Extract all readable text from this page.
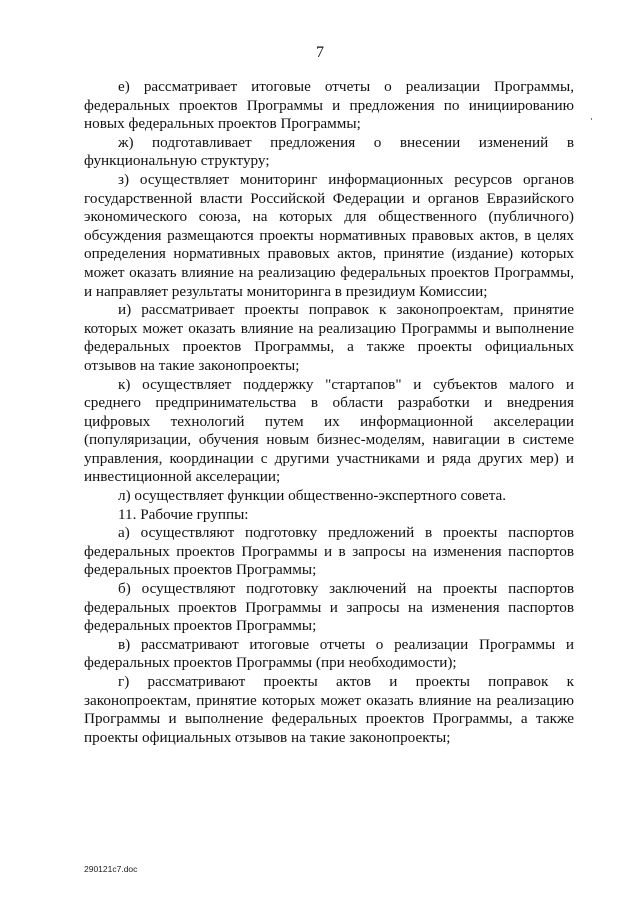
7

е) рассматривает итоговые отчеты о реализации Программы, федеральных проектов Программы и предложения по инициированию новых федеральных проектов Программы;

ж) подготавливает предложения о внесении изменений в функциональную структуру;

з) осуществляет мониторинг информационных ресурсов органов государственной власти Российской Федерации и органов Евразийского экономического союза, на которых для общественного (публичного) обсуждения размещаются проекты нормативных правовых актов, в целях определения нормативных правовых актов, принятие (издание) которых может оказать влияние на реализацию федеральных проектов Программы, и направляет результаты мониторинга в президиум Комиссии;

и) рассматривает проекты поправок к законопроектам, принятие которых может оказать влияние на реализацию Программы и выполнение федеральных проектов Программы, а также проекты официальных отзывов на такие законопроекты;

к) осуществляет поддержку "стартапов" и субъектов малого и среднего предпринимательства в области разработки и внедрения цифровых технологий путем их информационной акселерации (популяризации, обучения новым бизнес-моделям, навигации в системе управления, координации с другими участниками и ряда других мер) и инвестиционной акселерации;

л) осуществляет функции общественно-экспертного совета.

11. Рабочие группы:

а) осуществляют подготовку предложений в проекты паспортов федеральных проектов Программы и в запросы на изменения паспортов федеральных проектов Программы;

б) осуществляют подготовку заключений на проекты паспортов федеральных проектов Программы и запросы на изменения паспортов федеральных проектов Программы;

в) рассматривают итоговые отчеты о реализации Программы и федеральных проектов Программы (при необходимости);

г) рассматривают проекты актов и проекты поправок к законопроектам, принятие которых может оказать влияние на реализацию Программы и выполнение федеральных проектов Программы, а также проекты официальных отзывов на такие законопроекты;

290121c7.doc
